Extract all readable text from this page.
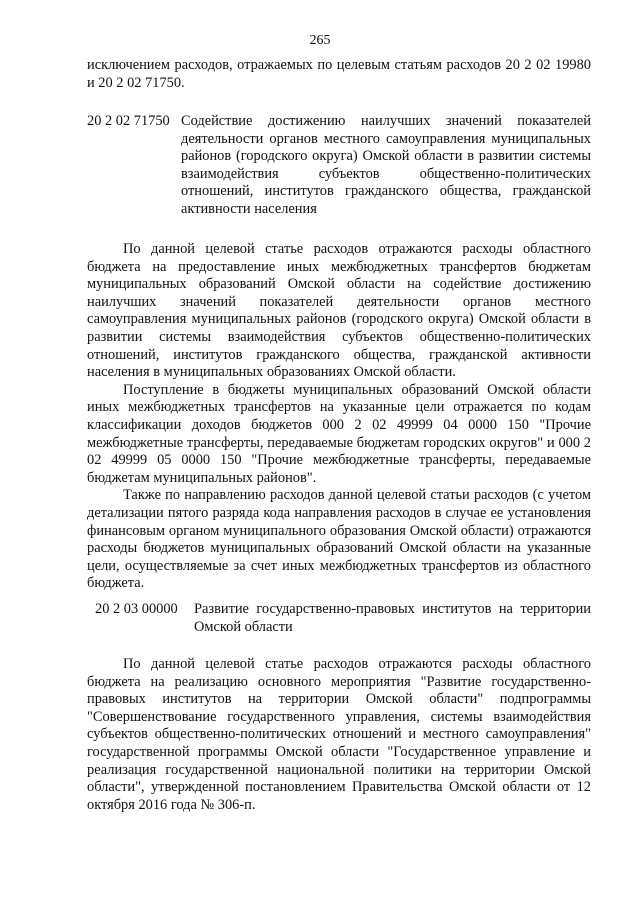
265

исключением расходов, отражаемых по целевым статьям расходов 20 2 02 19980 и 20 2 02 71750.

20 2 02 71750 Содействие достижению наилучших значений показателей деятельности органов местного самоуправления муниципальных районов (городского округа) Омской области в развитии системы взаимодействия субъектов общественно-политических отношений, институтов гражданского общества, гражданской активности населения

По данной целевой статье расходов отражаются расходы областного бюджета на предоставление иных межбюджетных трансфертов бюджетам муниципальных образований Омской области на содействие достижению наилучших значений показателей деятельности органов местного самоуправления муниципальных районов (городского округа) Омской области в развитии системы взаимодействия субъектов общественно-политических отношений, институтов гражданского общества, гражданской активности населения в муниципальных образованиях Омской области.

Поступление в бюджеты муниципальных образований Омской области иных межбюджетных трансфертов на указанные цели отражается по кодам классификации доходов бюджетов 000 2 02 49999 04 0000 150 "Прочие межбюджетные трансферты, передаваемые бюджетам городских округов" и 000 2 02 49999 05 0000 150 "Прочие межбюджетные трансферты, передаваемые бюджетам муниципальных районов".

Также по направлению расходов данной целевой статьи расходов (с учетом детализации пятого разряда кода направления расходов в случае ее установления финансовым органом муниципального образования Омской области) отражаются расходы бюджетов муниципальных образований Омской области на указанные цели, осуществляемые за счет иных межбюджетных трансфертов из областного бюджета.

20 2 03 00000 Развитие государственно-правовых институтов на территории Омской области

По данной целевой статье расходов отражаются расходы областного бюджета на реализацию основного мероприятия "Развитие государственно-правовых институтов на территории Омской области" подпрограммы "Совершенствование государственного управления, системы взаимодействия субъектов общественно-политических отношений и местного самоуправления" государственной программы Омской области "Государственное управление и реализация государственной национальной политики на территории Омской области", утвержденной постановлением Правительства Омской области от 12 октября 2016 года № 306-п.
